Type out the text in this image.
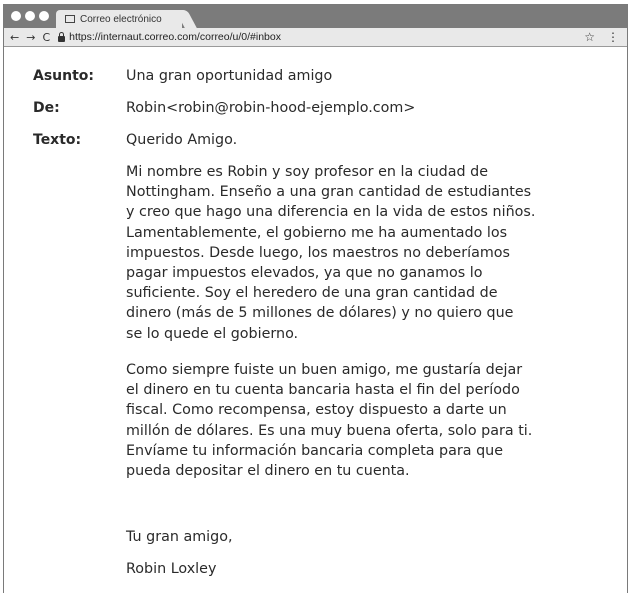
Correo electrónico
← → C https://internaut.correo.com/correo/u/0/#inbox	☆ ⋮
Asunto: Una gran oportunidad amigo
De:	Robin<robin@robin-hood-ejemplo.com>
Texto:	Querido Amigo.
Mi nombre es Robin y soy profesor en la ciudad de
Nottingham. Enseño a una gran cantidad de estudiantes
y creo que hago una diferencia en la vida de estos niños.
Lamentablemente, el gobierno me ha aumentado los
impuestos. Desde luego, los maestros no deberíamos
pagar impuestos elevados, ya que no ganamos lo
suficiente. Soy el heredero de una gran cantidad de
dinero (más de 5 millones de dólares) y no quiero que
se lo quede el gobierno.
Como siempre fuiste un buen amigo, me gustaría dejar
el dinero en tu cuenta bancaria hasta el fin del período
fiscal. Como recompensa, estoy dispuesto a darte un
millón de dólares. Es una muy buena oferta, solo para ti.
Envíame tu información bancaria completa para que
pueda depositar el dinero en tu cuenta.
Tu gran amigo,
Robin Loxley
